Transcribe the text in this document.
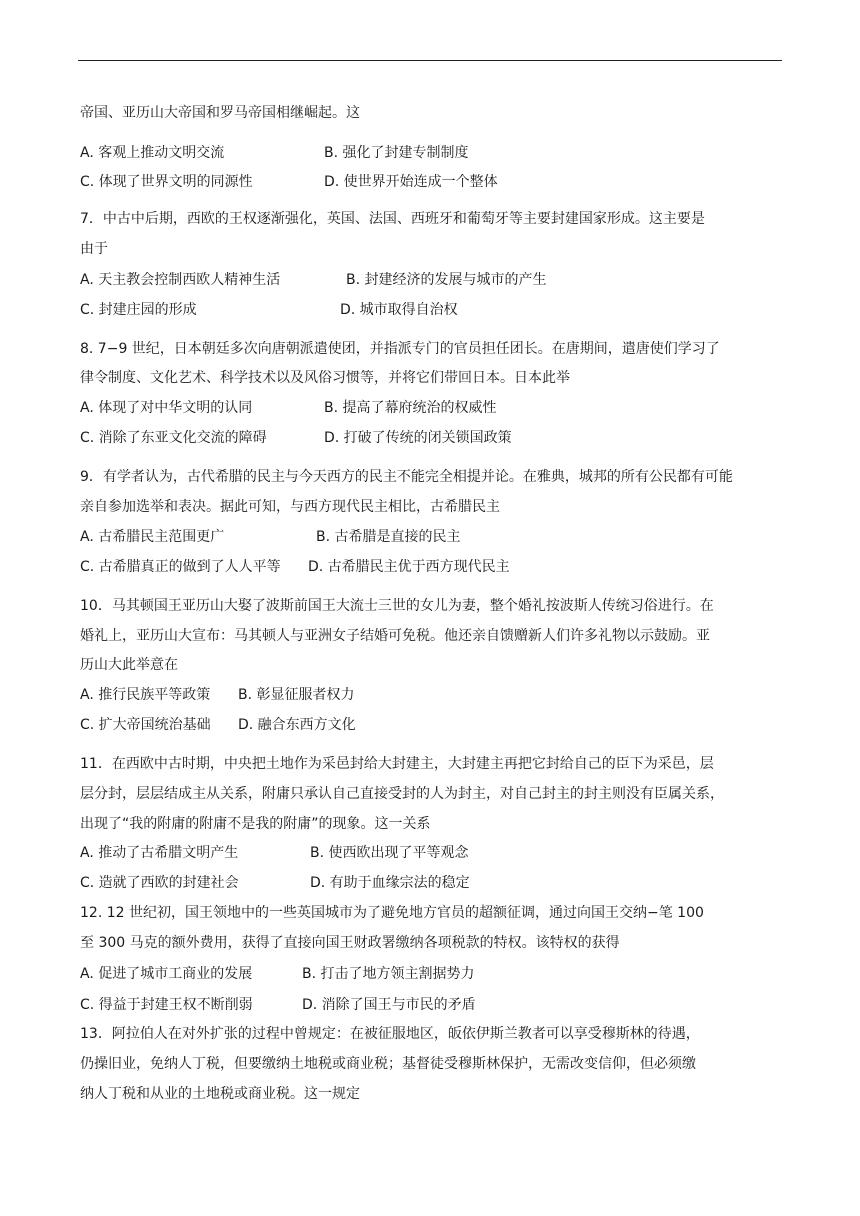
帝国、亚历山大帝国和罗马帝国相继崛起。这
A. 客观上推动文明交流	B. 强化了封建专制制度
C. 体现了世界文明的同源性	D. 使世界开始连成一个整体
7．中古中后期，西欧的王权逐渐强化，英国、法国、西班牙和葡萄牙等主要封建国家形成。这主要是
由于
A. 天主教会控制西欧人精神生活	B. 封建经济的发展与城市的产生
C. 封建庄园的形成	D. 城市取得自治权
8. 7−9 世纪，日本朝廷多次向唐朝派遣使团，并指派专门的官员担任团长。在唐期间，遣唐使们学习了
律令制度、文化艺术、科学技术以及风俗习惯等，并将它们带回日本。日本此举
A. 体现了对中华文明的认同	B. 提高了幕府统治的权威性
C. 消除了东亚文化交流的障碍	D. 打破了传统的闭关锁国政策
9．有学者认为，古代希腊的民主与今天西方的民主不能完全相提并论。在雅典，城邦的所有公民都有可能
亲自参加选举和表决。据此可知，与西方现代民主相比，古希腊民主
A. 古希腊民主范围更广	B. 古希腊是直接的民主
C. 古希腊真正的做到了人人平等 D. 古希腊民主优于西方现代民主
10．马其顿国王亚历山大娶了波斯前国王大流士三世的女儿为妻，整个婚礼按波斯人传统习俗进行。在
婚礼上，亚历山大宣布：马其顿人与亚洲女子结婚可免税。他还亲自馈赠新人们许多礼物以示鼓励。亚
历山大此举意在
A. 推行民族平等政策 B. 彰显征服者权力
C. 扩大帝国统治基础 D. 融合东西方文化
11．在西欧中古时期，中央把土地作为采邑封给大封建主，大封建主再把它封给自己的臣下为采邑，层
层分封，层层结成主从关系，附庸只承认自己直接受封的人为封主，对自己封主的封主则没有臣属关系，
出现了“我的附庸的附庸不是我的附庸”的现象。这一关系
A. 推动了古希腊文明产生	B. 使西欧出现了平等观念
C. 造就了西欧的封建社会	D. 有助于血缘宗法的稳定
12. 12 世纪初，国王领地中的一些英国城市为了避免地方官员的超额征调，通过向国王交纳−笔 100
至 300 马克的额外费用，获得了直接向国王财政署缴纳各项税款的特权。该特权的获得
A. 促进了城市工商业的发展	B. 打击了地方领主割据势力
C. 得益于封建王权不断削弱	D. 消除了国王与市民的矛盾
13．阿拉伯人在对外扩张的过程中曾规定：在被征服地区，皈依伊斯兰教者可以享受穆斯林的待遇，
仍操旧业，免纳人丁税，但要缴纳土地税或商业税；基督徒受穆斯林保护，无需改变信仰，但必须缴
纳人丁税和从业的土地税或商业税。这一规定
